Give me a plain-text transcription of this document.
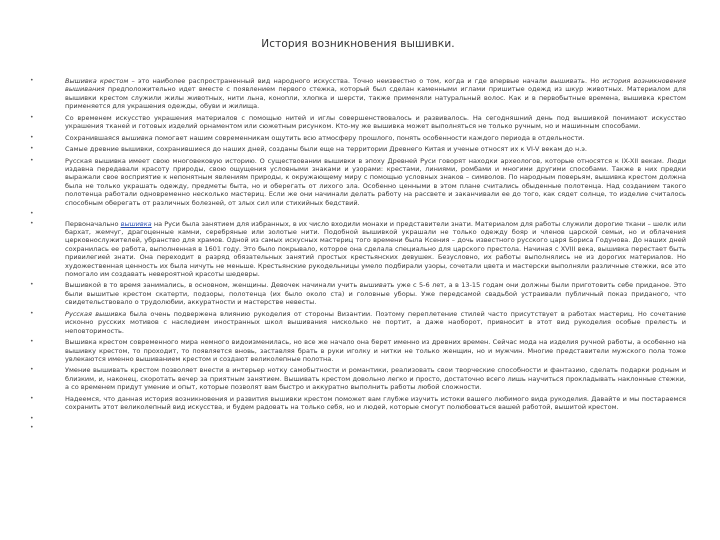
История возникновения вышивки.
•	Вышивка крестом – это наиболее распространенный вид народного искусства. Точно неизвестно о том, когда и где впервые начали вышивать. Но история возникновения вышивания предположительно идет вместе с появлением первого стежка, который был сделан каменными иглами пришитые одежд из шкур животных. Материалом для вышивки крестом служили жилы животных, нити льна, конопли, хлопка и шерсти, также применяли натуральный волос. Как и в первобытные времена, вышивка крестом применяется для украшения одежды, обуви и жилища.
•	Со временем искусство украшения материалов с помощью нитей и иглы совершенствовалось и развивалось. На сегодняшний день под вышивкой понимают искусство украшения тканей и готовых изделий орнаментом или сюжетным рисунком. Кто-му же вышивка может выполняться не только ручным, но и машинным способами.
•	Сохранившаяся вышивка помогает нашим современникам ощутить всю атмосферу прошлого, понять особенности каждого периода в отдельности.
•	Самые древние вышивки, сохранившиеся до наших дней, созданы были еще на территории Древнего Китая и ученые относят их к VI-V векам до н.э.
•	Русская вышивка имеет свою многовековую историю. О существовании вышивки в эпоху Древней Руси говорят находки археологов, которые относятся к IX-XII векам. Люди издавна передавали красоту природы, свою ощущения условными знаками и узорами: крестами, линиями, ромбами и многими другими способами. Также в них предки выражали свое восприятие к непонятным явлениям природы, к окружающему миру с помощью условных знаков – символов. По народным поверьям, вышивка крестом должна была не только украшать одежду, предметы быта, но и оберегать от лихого зла. Особенно ценными в этом плане считались обыденные полотенца. Над созданием такого полотенца работали одновременно несколько мастериц. Если же они начинали делать работу на рассвете и заканчивали ее до того, как сядет солнце, то изделие считалось способным оберегать от различных болезней, от злых сил или стихийных бедствий.
•
•	Первоначально вышивка на Руси была занятием для избранных, в их число входили монахи и представители знати. Материалом для работы служили дорогие ткани – шелк или бархат, жемчуг, драгоценные камни, серебряные или золотые нити. Подобной вышивкой украшали не только одежду бояр и членов царской семьи, но и облачения церковнослужителей, убранство для храмов. Одной из самых искусных мастериц того времени была Ксения – дочь известного русского царя Бориса Годунова. До наших дней сохранилась ее работа, выполненная в 1601 году. Это было покрывало, которое она сделала специально для царского престола. Начиная с XVIII века, вышивка перестает быть привилегией знати. Она переходит в разряд обязательных занятий простых крестьянских девушек. Безусловно, их работы выполнялись не из дорогих материалов. Но художественная ценность их была ничуть не меньше. Крестьянские рукодельницы умело подбирали узоры, сочетали цвета и мастерски выполняли различные стежки, все это помогало им создавать невероятной красоты шедевры.
•	Вышивкой в то время занимались, в основном, женщины. Девочек начинали учить вышивать уже с 5-6 лет, а в 13-15 годам они должны были приготовить себе приданое. Это были вышитые крестом скатерти, подзоры, полотенца (их было около ста) и головные уборы. Уже передсамой свадьбой устраивали публичный показ приданого, что свидетельствовало о трудолюбии, аккуратности и мастерстве невесты.
•	Русская вышивка была очень подвержена влиянию рукоделия от стороны Византии. Поэтому переплетение стилей часто присутствует в работах мастериц. Но сочетание исконно русских мотивов с наследием иностранных школ вышивания нисколько не портит, а даже наоборот, привносит в этот вид рукоделия особые прелесть и неповторимость.
•	Вышивка крестом современного мира немного видоизменилась, но все же начало она берет именно из древних времен. Сейчас мода на изделия ручной работы, а особенно на вышивку крестом, то проходит, то появляется вновь, заставляя брать в руки иголку и нитки не только женщин, но и мужчин. Многие представители мужского пола тоже увлекаются именно вышиванием крестом и создают великолепные полотна.
•	Умение вышивать крестом позволяет внести в интерьер нотку самобытности и романтики, реализовать свои творческие способности и фантазию, сделать подарки родным и близким, и, наконец, скоротать вечер за приятным занятием. Вышивать крестом довольно легко и просто, достаточно всего лишь научиться прокладывать наклонные стежки, а со временем придут умение и опыт, которые позволят вам быстро и аккуратно выполнить работы любой сложности.
•	Надеемся, что данная история возникновения и развития вышивки крестом поможет вам глубже изучить истоки вашего любимого вида рукоделия. Давайте и мы постараемся сохранить этот великолепный вид искусства, и будем радовать на только себя, но и людей, которые смогут полюбоваться вашей работой, вышитой крестом.
•
•
